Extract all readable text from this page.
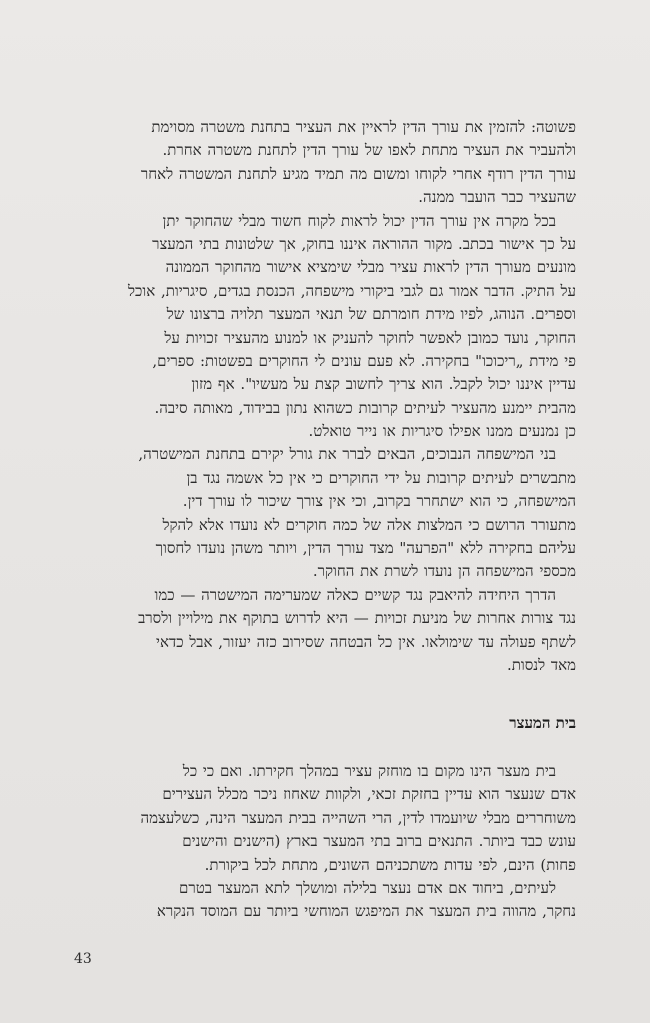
פשוטה: להזמין את עורך הדין לראיין את העציר בתחנת משטרה מסוימת
ולהעביר את העציר מתחת לאפו של עורך הדין לתחנת משטרה אחרת.
עורך הדין רודף אחרי לקוחו ומשום מה תמיד מגיע לתחנת המשטרה לאחר
שהעציר כבר הועבר ממנה.
בכל מקרה אין עורך הדין יכול לראות לקוח חשוד מבלי שהחוקר יתן
על כך אישור בכתב. מקור ההוראה איננו בחוק, אך שלטונות בתי המעצר
מונעים מעורך הדין לראות עציר מבלי שימציא אישור מהחוקר הממונה
על התיק. הדבר אמור גם לגבי ביקורי מישפחה, הכנסת בגדים, סיגריות, אוכל
וספרים. הנוהג, לפיו מידת חומרתם של תנאי המעצר תלויה ברצונו של
החוקר, נועד כמובן לאפשר לחוקר להעניק או למנוע מהעציר זכויות על
פי מידת „ריכוכו" בחקירה. לא פעם עונים לי החוקרים בפשטות: ספרים,
עדיין איננו יכול לקבל. הוא צריך לחשוב קצת על מעשיו". אף מזון
מהבית יימנע מהעציר לעיתים קרובות כשהוא נתון בבידוד, מאותה סיבה.
כן נמנעים ממנו אפילו סיגריות או נייר טואלט.
בני המישפחה הנבוכים, הבאים לברר את גורל יקירם בתחנת המישטרה,
מתבשרים לעיתים קרובות על ידי החוקרים כי אין כל אשמה נגד בן
המישפחה, כי הוא ישתחרר בקרוב, וכי אין צורך שיכור לו עורך דין.
מתעורר הרושם כי המלצות אלה של כמה חוקרים לא נועדו אלא להקל
עליהם בחקירה ללא "הפרעה" מצד עורך הדין, ויותר משהן נועדו לחסוך
מכספי המישפחה הן נועדו לשרת את החוקר.
הדרך היחידה להיאבק נגד קשיים כאלה שמערימה המישטרה — כמו
נגד צורות אחרות של מניעת זכויות — היא לדרוש בתוקף את מילויין ולסרב
לשתף פעולה עד שימולאו. אין כל הבטחה שסירוב כזה יעזור, אבל כדאי
מאד לנסות.
בית המעצר
בית מעצר הינו מקום בו מוחזק עציר במהלך חקירתו. ואם כי כל
אדם שנעצר הוא עדיין בחזקת זכאי, ולקוות שאחוז ניכר מכלל העצירים
משוחררים מבלי שיועמדו לדין, הרי השהייה בבית המעצר הינה, כשלעצמה
עונש כבד ביותר. התנאים ברוב בתי המעצר בארץ (הישנים והישנים
פחות) הינם, לפי עדות משתכניהם השונים, מתחת לכל ביקורת.
לעיתים, ביחוד אם אדם נעצר בלילה ומושלך לתא המעצר בטרם
נחקר, מהווה בית המעצר את המיפגש המוחשי ביותר עם המוסד הנקרא
43
